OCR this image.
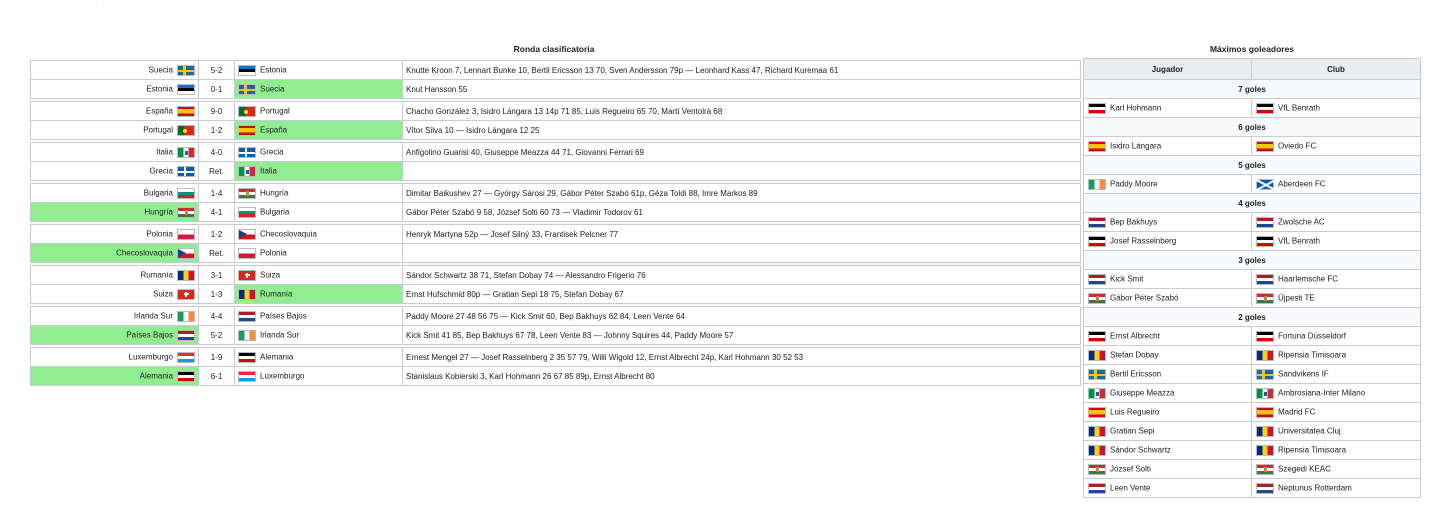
Ronda clasificatoria
Suecia	5-2	Estonia	Knutte Kroon 7, Lennart Bunke 10, Bertil Ericsson 13 70, Sven Andersson 79p — Leonhard Kass 47, Richard Kuremaa 61
Estonia	0-1	Suecia	Knut Hansson 55

España	9-0	Portugal	Chacho González 3, Isidro Lángara 13 14p 71 85, Luis Regueiro 65 70, Martí Ventolrà 68
Portugal	1-2	España	Vítor Silva 10 — Isidro Lángara 12 25

Italia	4-0	Grecia	Anfigolino Guarisi 40, Giuseppe Meazza 44 71, Giovanni Ferrari 69
Grecia	Ret.	Italia	

Bulgaria	1-4	Hungría	Dimitar Baikushev 27 — György Sárosi 29, Gábor Péter Szabó 61p, Géza Toldi 88, Imre Markos 89
Hungría	4-1	Bulgaria	Gábor Péter Szabó 9 58, József Solti 60 73 — Vladimir Todorov 61

Polonia	1-2	Checoslovaquia	Henryk Martyna 52p — Josef Silný 33, Frantisek Pelcner 77
Checoslovaquia	Ret.	Polonia	

Rumanía	3-1	Suiza	Sándor Schwartz 38 71, Stefan Dobay 74 — Alessandro Frigerio 76
Suiza	1-3	Rumanía	Ernst Hufschmid 80p — Gratian Sepi 18 75, Stefan Dobay 67

Irlanda Sur	4-4	Países Bajos	Paddy Moore 27 48 56 75 — Kick Smit 60, Bep Bakhuys 62 84, Leen Vente 64
Países Bajos	5-2	Irlanda Sur	Kick Smit 41 85, Bep Bakhuys 67 78, Leen Vente 83 — Johnny Squires 44, Paddy Moore 57

Luxemburgo	1-9	Alemania	Ernest Mengel 27 — Josef Rasselnberg 2 35 57 79, Willi Wigold 12, Ernst Albrecht 24p, Karl Hohmann 30 52 53
Alemania	6-1	Luxemburgo	Stanislaus Kobierski 3, Karl Hohmann 26 67 85 89p, Ernst Albrecht 80
Máximos goleadores
Jugador	Club
7 goles	
Karl Hohmann	VfL Benrath
6 goles	
Isidro Lángara	Oviedo FC
5 goles	
Paddy Moore	Aberdeen FC
4 goles	
Bep Bakhuys	Zwolsche AC
Josef Rasselnberg	VfL Benrath
3 goles	
Kick Smit	Haarlemsche FC
Gábor Péter Szabó	Újpesti TE
2 goles	
Ernst Albrecht	Fortuna Düsseldorf
Stefan Dobay	Ripensia Timisoara
Bertil Ericsson	Sandvikens IF
Giuseppe Meazza	Ambrosiana-Inter Milano
Luis Regueiro	Madrid FC
Gratian Sepi	Universitatea Cluj
Sándor Schwartz	Ripensia Timisoara
József Solti	Szegedi KEAC
Leen Vente	Neptunus Rotterdam
